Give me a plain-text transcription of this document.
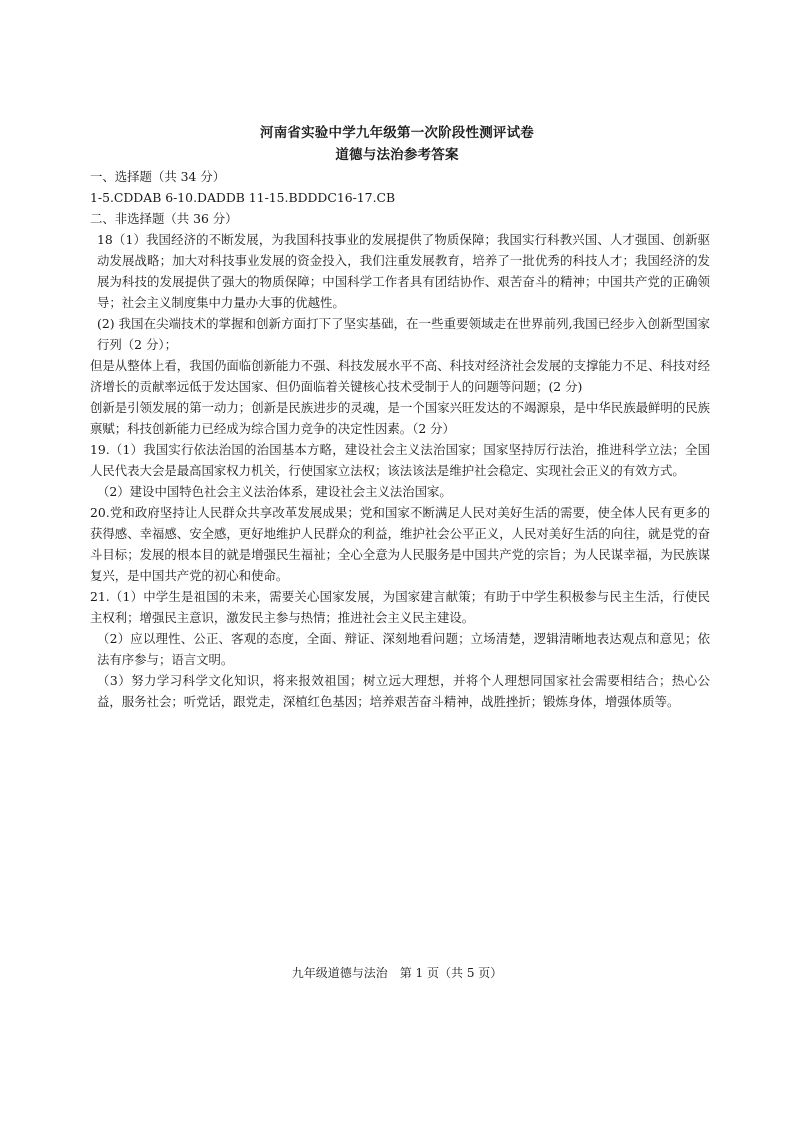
河南省实验中学九年级第一次阶段性测评试卷
道德与法治参考答案

一、选择题（共 34 分）

1-5.CDDAB 6-10.DADDB 11-15.BDDDC16-17.CB

二、非选择题（共 36 分）

18（1）我国经济的不断发展，为我国科技事业的发展提供了物质保障；我国实行科教兴国、人才强国、创新驱动发展战略；加大对科技事业发展的资金投入，我们注重发展教育，培养了一批优秀的科技人才；我国经济的发展为科技的发展提供了强大的物质保障；中国科学工作者具有团结协作、艰苦奋斗的精神；中国共产党的正确领导；社会主义制度集中力量办大事的优越性。

(2) 我国在尖端技术的掌握和创新方面打下了坚实基础，在一些重要领域走在世界前列,我国已经步入创新型国家行列（2 分）；

但是从整体上看，我国仍面临创新能力不强、科技发展水平不高、科技对经济社会发展的支撑能力不足、科技对经济增长的贡献率远低于发达国家、但仍面临着关键核心技术受制于人的问题等问题；(2 分)

创新是引领发展的第一动力；创新是民族进步的灵魂，是一个国家兴旺发达的不竭源泉，是中华民族最鲜明的民族禀赋；科技创新能力已经成为综合国力竞争的决定性因素。（2 分）

19.（1）我国实行依法治国的治国基本方略，建设社会主义法治国家；国家坚持厉行法治，推进科学立法；全国人民代表大会是最高国家权力机关，行使国家立法权；该法该法是维护社会稳定、实现社会正义的有效方式。

（2）建设中国特色社会主义法治体系，建设社会主义法治国家。

20.党和政府坚持让人民群众共享改革发展成果；党和国家不断满足人民对美好生活的需要，使全体人民有更多的获得感、幸福感、安全感，更好地维护人民群众的利益，维护社会公平正义，人民对美好生活的向往，就是党的奋斗目标；发展的根本目的就是增强民生福祉；全心全意为人民服务是中国共产党的宗旨；为人民谋幸福，为民族谋复兴，是中国共产党的初心和使命。

21.（1）中学生是祖国的未来，需要关心国家发展，为国家建言献策；有助于中学生积极参与民主生活，行使民主权利；增强民主意识，激发民主参与热情；推进社会主义民主建设。

（2）应以理性、公正、客观的态度，全面、辩证、深刻地看问题；立场清楚，逻辑清晰地表达观点和意见；依法有序参与；语言文明。

（3）努力学习科学文化知识，将来报效祖国；树立远大理想，并将个人理想同国家社会需要相结合；热心公益，服务社会；听党话，跟党走，深植红色基因；培养艰苦奋斗精神，战胜挫折；锻炼身体，增强体质等。

九年级道德与法治　第 1 页（共 5 页）
